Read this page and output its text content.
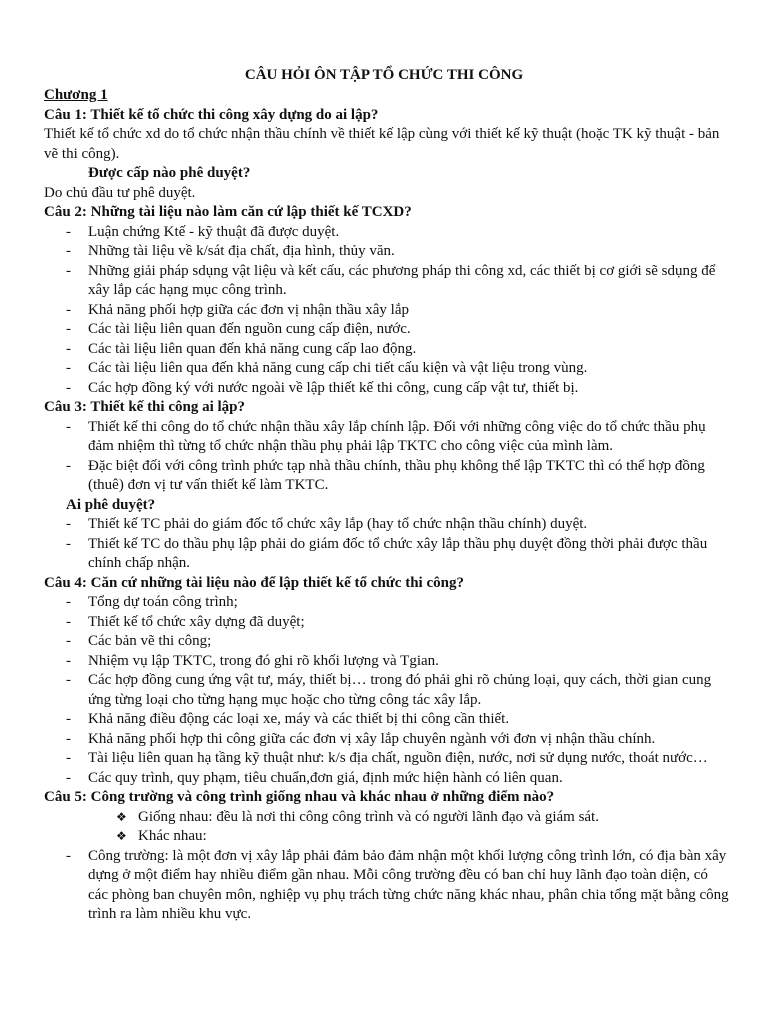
CÂU HỎI ÔN TẬP TỔ CHỨC THI CÔNG
Chương 1
Câu 1: Thiết kế tổ chức thi công xây dựng do ai lập?
Thiết kế tổ chức xd do tổ chức nhận thầu chính về thiết kế lập cùng với thiết kế kỹ thuật (hoặc TK kỹ thuật - bản vẽ thi công).
Được cấp nào phê duyệt?
Do chủ đầu tư phê duyệt.
Câu 2: Những tài liệu nào làm căn cứ lập thiết kế TCXD?
- Luận chứng Ktế - kỹ thuật đã được duyệt.
- Những tài liệu về k/sát địa chất, địa hình, thủy văn.
- Những giải pháp sdụng vật liệu và kết cấu, các phương pháp thi công xd, các thiết bị cơ giới sẽ sdụng để xây lắp các hạng mục công trình.
- Khả năng phối hợp giữa các đơn vị nhận thầu xây lắp
- Các tài liệu liên quan đến nguồn cung cấp điện, nước.
- Các tài liệu liên quan đến khả năng cung cấp lao động.
- Các tài liệu liên qua đến khả năng cung cấp chi tiết cấu kiện và vật liệu trong vùng.
- Các hợp đồng ký với nước ngoài về lập thiết kế thi công, cung cấp vật tư, thiết bị.
Câu 3: Thiết kế thi công ai lập?
- Thiết kế thi công do tổ chức nhận thầu xây lắp chính lập. Đối với những công việc do tổ chức thầu phụ đảm nhiệm thì từng tổ chức nhận thầu phụ phải lập TKTC cho công việc của mình làm.
- Đặc biệt đối với công trình phức tạp nhà thầu chính, thầu phụ không thể lập TKTC thì có thể hợp đồng (thuê) đơn vị tư vấn thiết kế làm TKTC.
Ai phê duyệt?
- Thiết kế TC phải do giám đốc tổ chức xây lắp (hay tổ chức nhận thầu chính) duyệt.
- Thiết kế TC do thầu phụ lập phải do giám đốc tổ chức xây lắp thầu phụ duyệt đồng thời phải được thầu chính chấp nhận.
Câu 4: Căn cứ những tài liệu nào để lập thiết kế tổ chức thi công?
- Tổng dự toán công trình;
- Thiết kế tổ chức xây dựng đã duyệt;
- Các bản vẽ thi công;
- Nhiệm vụ lập TKTC, trong đó ghi rõ khối lượng và Tgian.
- Các hợp đồng cung ứng vật tư, máy, thiết bị… trong đó phải ghi rõ chủng loại, quy cách, thời gian cung ứng từng loại cho từng hạng mục hoặc cho từng công tác xây lắp.
- Khả năng điều động các loại xe, máy và các thiết bị thi công cần thiết.
- Khả năng phối hợp thi công giữa các đơn vị xây lắp chuyên ngành với đơn vị nhận thầu chính.
- Tài liệu liên quan hạ tầng kỹ thuật như: k/s địa chất, nguồn điện, nước, nơi sử dụng nước, thoát nước…
- Các quy trình, quy phạm, tiêu chuẩn,đơn giá, định mức hiện hành có liên quan.
Câu 5: Công trường và công trình giống nhau và khác nhau ở những điểm nào?
❖ Giống nhau: đều là nơi thi công công trình và có người lãnh đạo và giám sát.
❖ Khác nhau:
- Công trường: là một đơn vị xây lắp phải đảm bảo đảm nhận một khối lượng công trình lớn, có địa bàn xây dựng ở một điểm hay nhiều điểm gần nhau. Mỗi công trường đều có ban chỉ huy lãnh đạo toàn diện, có các phòng ban chuyên môn, nghiệp vụ phụ trách từng chức năng khác nhau, phân chia tổng mặt bằng công trình ra làm nhiều khu vực.
